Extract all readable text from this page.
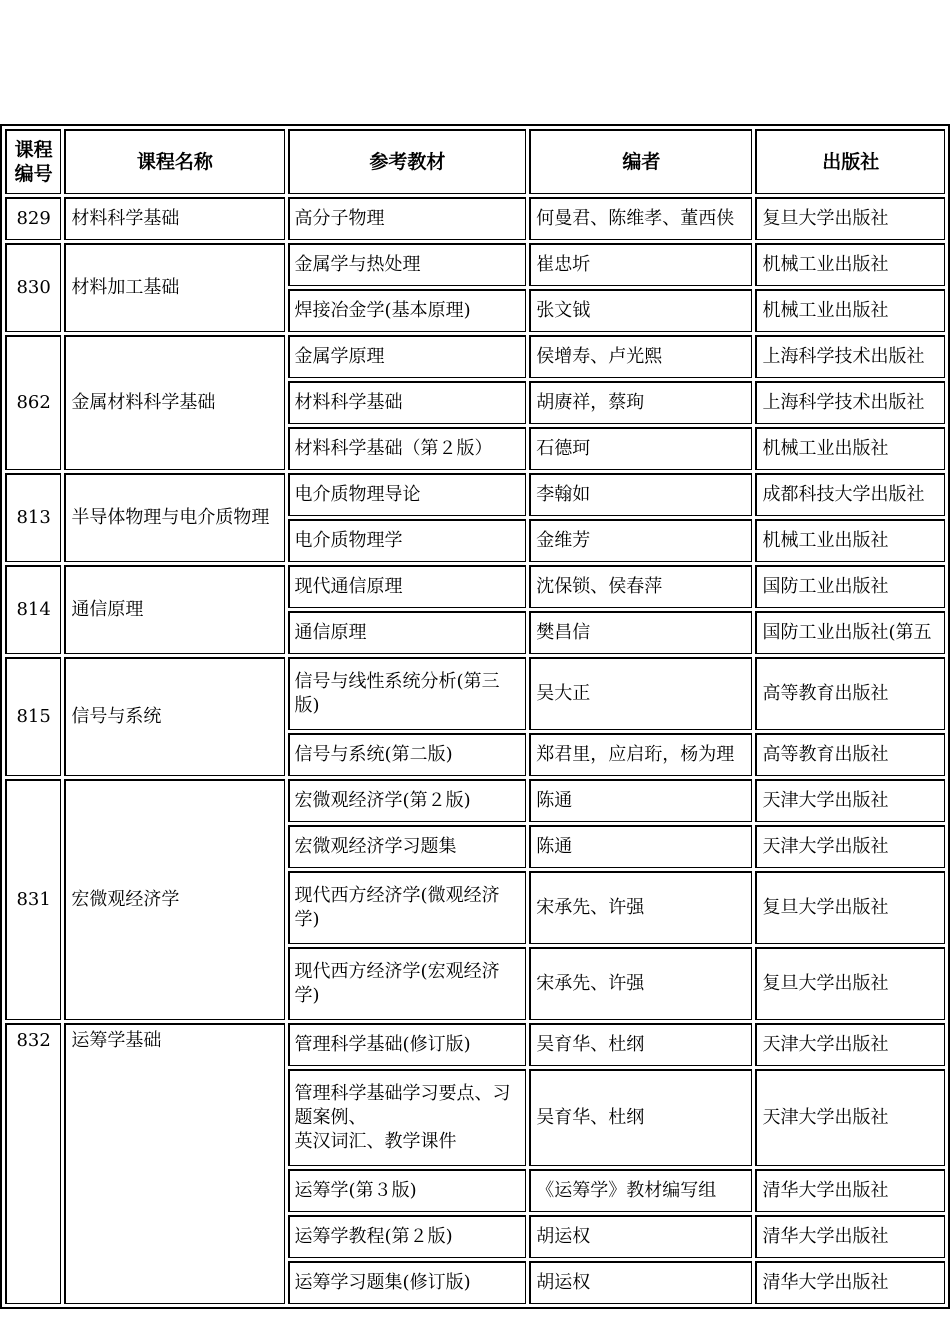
课程
编号	课程名称	参考教材	编者	出版社
829	材料科学基础	高分子物理	何曼君、陈维孝、董西侠	复旦大学出版社
830	材料加工基础	金属学与热处理	崔忠圻	机械工业出版社
		焊接冶金学(基本原理)	张文钺	机械工业出版社
862	金属材料科学基础	金属学原理	侯增寿、卢光熙	上海科学技术出版社
		材料科学基础	胡赓祥，蔡珣	上海科学技术出版社
		材料科学基础（第２版）	石德珂	机械工业出版社
813	半导体物理与电介质物理	电介质物理导论	李翰如	成都科技大学出版社
		电介质物理学	金维芳	机械工业出版社
814	通信原理	现代通信原理	沈保锁、侯春萍	国防工业出版社
		通信原理	樊昌信	国防工业出版社(第五
815	信号与系统	信号与线性系统分析(第三版)	吴大正	高等教育出版社
		信号与系统(第二版)	郑君里，应启珩，杨为理	高等教育出版社
831	宏微观经济学	宏微观经济学(第２版)	陈通	天津大学出版社
		宏微观经济学习题集	陈通	天津大学出版社
		现代西方经济学(微观经济学)	宋承先、许强	复旦大学出版社
		现代西方经济学(宏观经济学)	宋承先、许强	复旦大学出版社
832	运筹学基础	管理科学基础(修订版)	吴育华、杜纲	天津大学出版社
		管理科学基础学习要点、习题案例、
英汉词汇、教学课件	吴育华、杜纲	天津大学出版社
		运筹学(第３版)	《运筹学》教材编写组	清华大学出版社
		运筹学教程(第２版)	胡运权	清华大学出版社
		运筹学习题集(修订版)	胡运权	清华大学出版社
